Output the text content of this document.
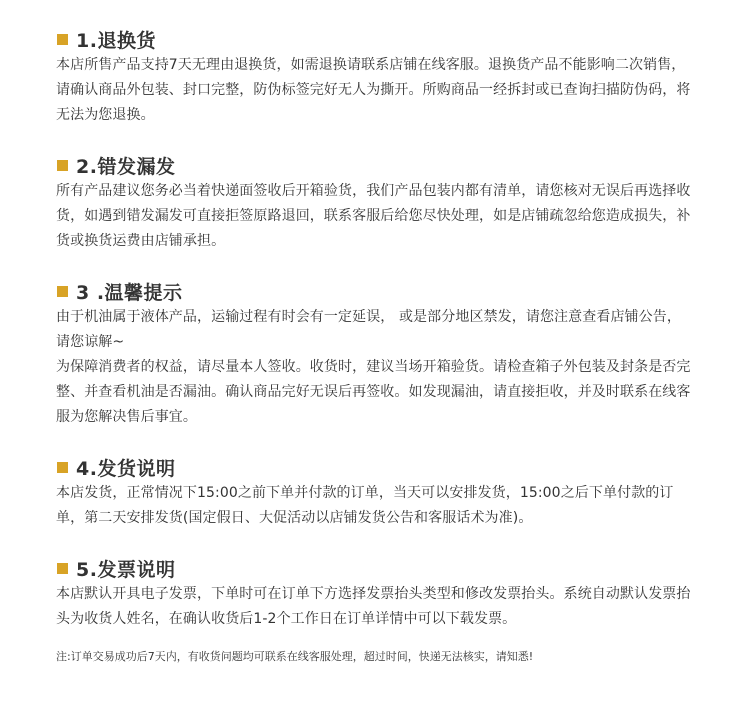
1.退换货

本店所售产品支持7天无理由退换货，如需退换请联系店铺在线客服。退换货产品不能影响二次销售，请确认商品外包装、封口完整，防伪标签完好无人为撕开。所购商品一经拆封或已查询扫描防伪码，将无法为您退换。

2.错发漏发

所有产品建议您务必当着快递面签收后开箱验货，我们产品包装内都有清单，请您核对无误后再选择收货，如遇到错发漏发可直接拒签原路退回，联系客服后给您尽快处理，如是店铺疏忽给您造成损失，补货或换货运费由店铺承担。

3 .温馨提示

由于机油属于液体产品，运输过程有时会有一定延误， 或是部分地区禁发，请您注意查看店铺公告，请您谅解~

为保障消费者的权益，请尽量本人签收。收货时，建议当场开箱验货。请检查箱子外包装及封条是否完整、并查看机油是否漏油。确认商品完好无误后再签收。如发现漏油，请直接拒收，并及时联系在线客服为您解决售后事宜。

4.发货说明

本店发货，正常情况下15:00之前下单并付款的订单，当天可以安排发货，15:00之后下单付款的订单，第二天安排发货(国定假日、大促活动以店铺发货公告和客服话术为准)。

5.发票说明

本店默认开具电子发票，下单时可在订单下方选择发票抬头类型和修改发票抬头。系统自动默认发票抬头为收货人姓名，在确认收货后1-2个工作日在订单详情中可以下载发票。

注:订单交易成功后7天内，有收货问题均可联系在线客服处理，超过时间，快递无法核实，请知悉!
